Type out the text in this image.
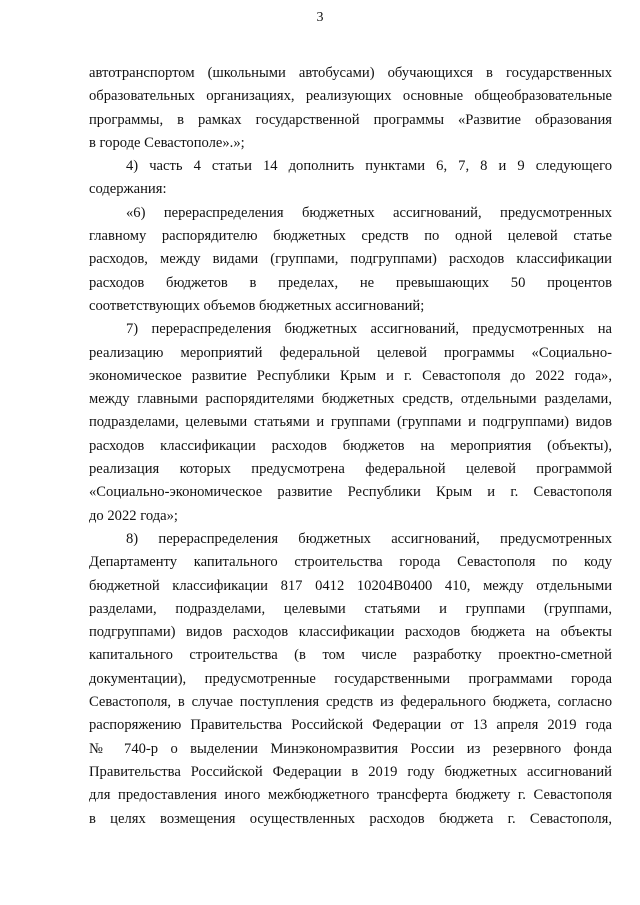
3
автотранспортом (школьными автобусами) обучающихся в государственных
образовательных организациях, реализующих основные общеобразовательные
программы, в рамках государственной программы «Развитие образования
в городе Севастополе».»;
4) часть 4 статьи 14 дополнить пунктами 6, 7, 8 и 9 следующего
содержания:
«6) перераспределения бюджетных ассигнований, предусмотренных
главному распорядителю бюджетных средств по одной целевой статье
расходов, между видами (группами, подгруппами) расходов классификации
расходов бюджетов в пределах, не превышающих 50 процентов
соответствующих объемов бюджетных ассигнований;
7) перераспределения бюджетных ассигнований, предусмотренных на
реализацию мероприятий федеральной целевой программы «Социально-
экономическое развитие Республики Крым и г. Севастополя до 2022 года»,
между главными распорядителями бюджетных средств, отдельными разделами,
подразделами, целевыми статьями и группами (группами и подгруппами) видов
расходов классификации расходов бюджетов на мероприятия (объекты),
реализация которых предусмотрена федеральной целевой программой
«Социально-экономическое развитие Республики Крым и г. Севастополя
до 2022 года»;
8) перераспределения бюджетных ассигнований, предусмотренных
Департаменту капитального строительства города Севастополя по коду
бюджетной классификации 817 0412 10204В0400 410, между отдельными
разделами, подразделами, целевыми статьями и группами (группами,
подгруппами) видов расходов классификации расходов бюджета на объекты
капитального строительства (в том числе разработку проектно-сметной
документации), предусмотренные государственными программами города
Севастополя, в случае поступления средств из федерального бюджета, согласно
распоряжению Правительства Российской Федерации от 13 апреля 2019 года
№ 740-р о выделении Минэкономразвития России из резервного фонда
Правительства Российской Федерации в 2019 году бюджетных ассигнований
для предоставления иного межбюджетного трансферта бюджету г. Севастополя
в целях возмещения осуществленных расходов бюджета г. Севастополя,
